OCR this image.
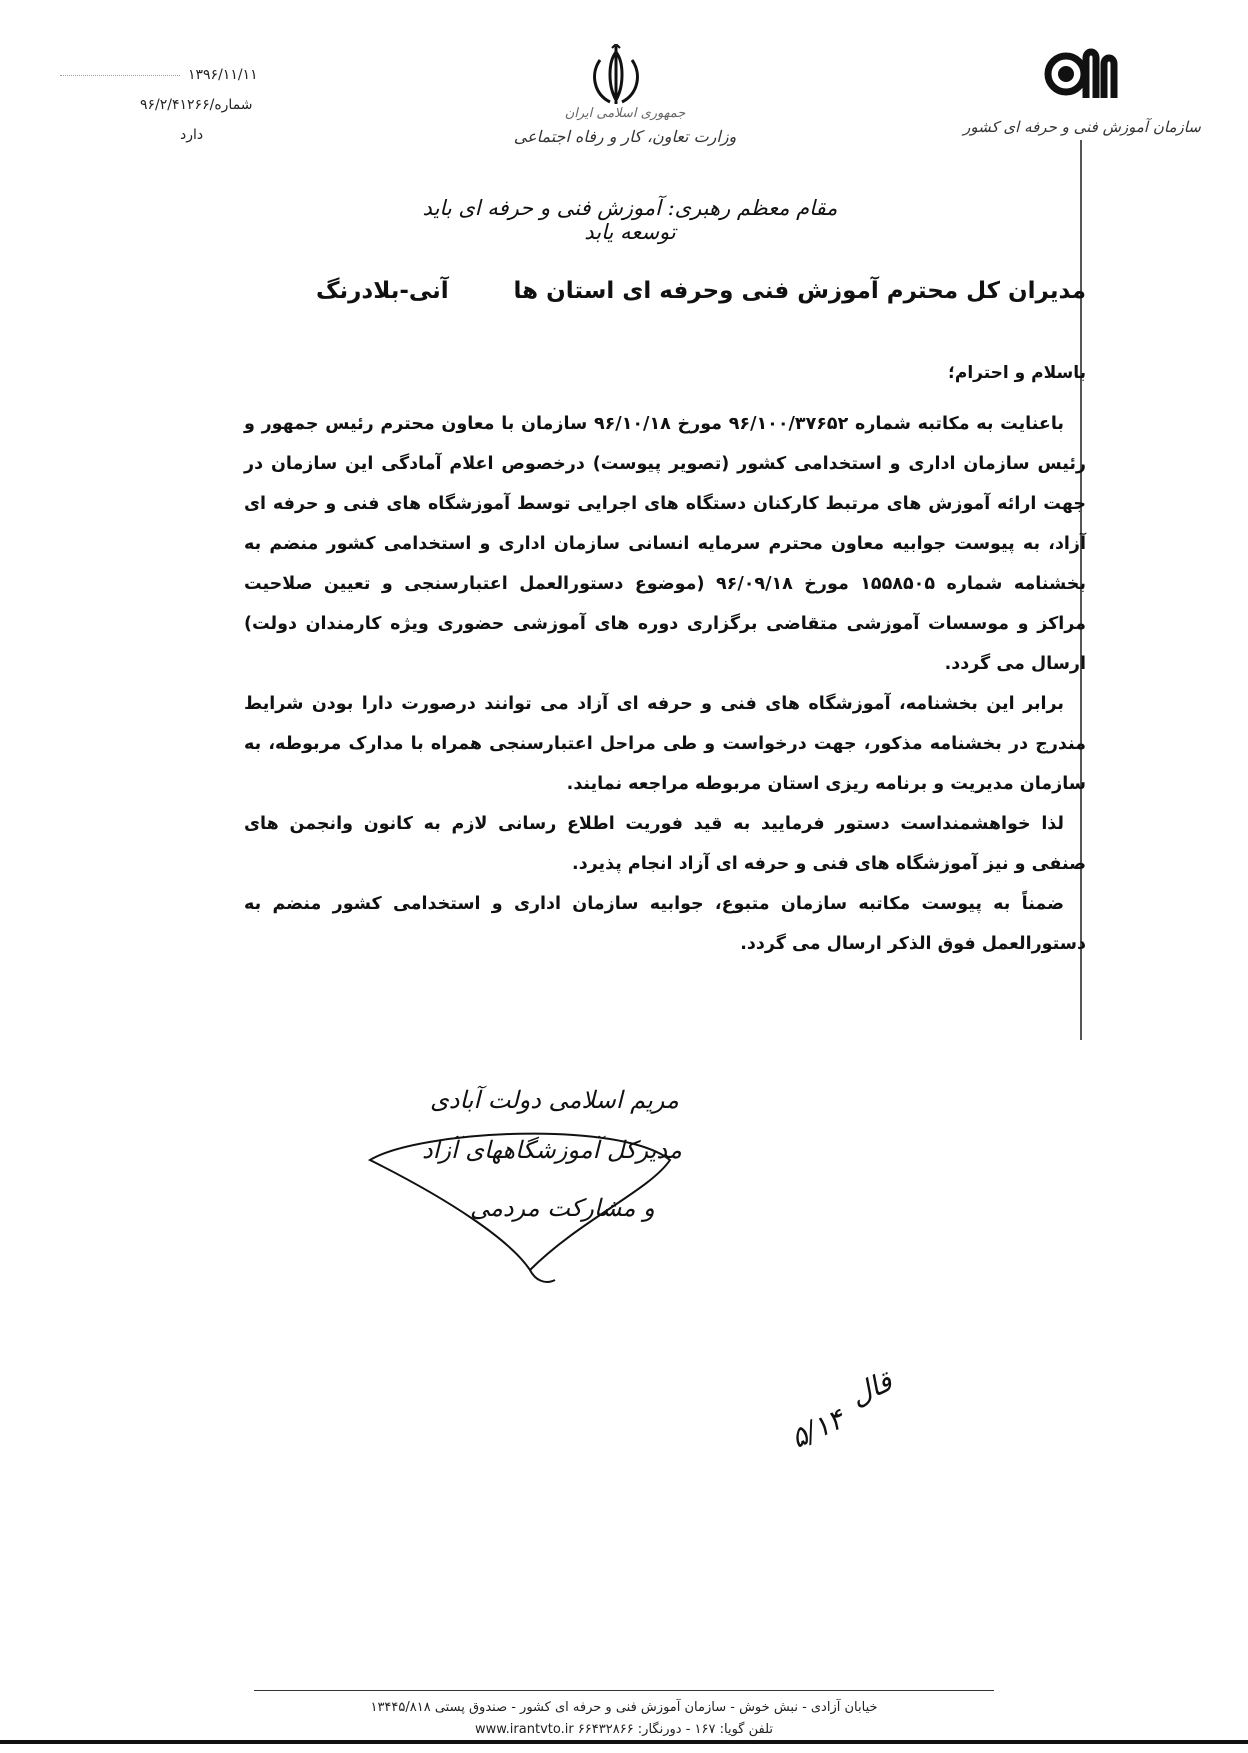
۱۳۹۶/۱۱/۱۱
۹۶/۲/شماره/۴۱۲۶۶
دارد
جمهوری اسلامی ایران
وزارت تعاون، کار و رفاه اجتماعی
مقام معظم رهبری: آموزش فنی و حرفه ای باید توسعه یابد
سازمان آموزش فنی و حرفه ای کشور
مدیران کل محترم آموزش فنی وحرفه ای استان ها
آنی-بلادرنگ
باسلام و احترام؛

باعنایت به مکاتبه شماره ۹۶/۱۰۰/۳۷۶۵۲ مورخ ۹۶/۱۰/۱۸ سازمان با معاون محترم رئیس جمهور و رئیس سازمان اداری و استخدامی کشور (تصویر پیوست) درخصوص اعلام آمادگی این سازمان در جهت ارائه آموزش های مرتبط کارکنان دستگاه های اجرایی توسط آموزشگاه های فنی و حرفه ای آزاد، به پیوست جوابیه معاون محترم سرمایه انسانی سازمان اداری و استخدامی کشور منضم به بخشنامه شماره ۱۵۵۸۵۰۵ مورخ ۹۶/۰۹/۱۸ (موضوع دستورالعمل اعتبارسنجی و تعیین صلاحیت مراکز و موسسات آموزشی متقاضی برگزاری دوره های آموزشی حضوری ویژه کارمندان دولت) ارسال می گردد.

برابر این بخشنامه، آموزشگاه های فنی و حرفه ای آزاد می توانند درصورت دارا بودن شرایط مندرج در بخشنامه مذکور، جهت درخواست و طی مراحل اعتبارسنجی همراه با مدارک مربوطه، به سازمان مدیریت و برنامه ریزی استان مربوطه مراجعه نمایند.

لذا خواهشمنداست دستور فرمایید به قید فوریت اطلاع رسانی لازم به کانون وانجمن های صنفی و نیز آموزشگاه های فنی و حرفه ای آزاد انجام پذیرد.

ضمناً به پیوست مکاتبه سازمان متبوع، جوابیه سازمان اداری و استخدامی کشور منضم به دستورالعمل فوق الذکر ارسال می گردد.

مریم اسلامی دولت آبادی
مدیرکل آموزشگاههای آزاد
و مشارکت مردمی
قال
۵/۱۴
خیابان آزادی - نبش خوش - سازمان آموزش فنی و حرفه ای کشور - صندوق پستی ۱۳۴۴۵/۸۱۸
تلفن گویا: ۱۶۷ - دورنگار: ۶۶۴۳۲۸۶۶ www.irantvto.ir
